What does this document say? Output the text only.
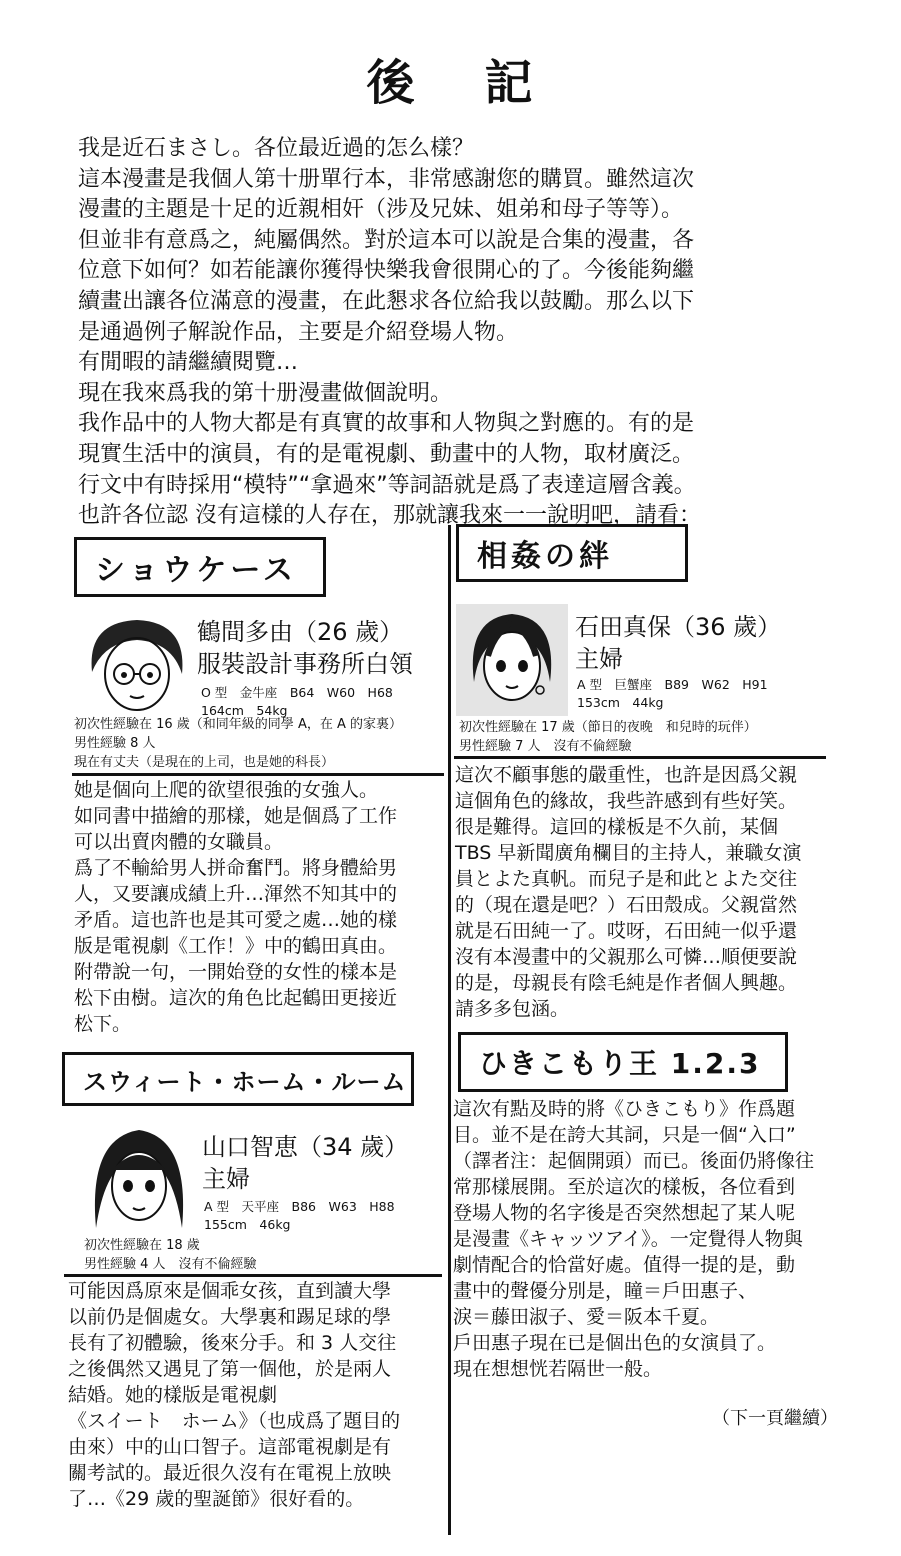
後 記

我是近石まさし。各位最近過的怎么樣？

這本漫畫是我個人第十册單行本，非常感謝您的購買。雖然這次

漫畫的主題是十足的近親相奸（涉及兄妹、姐弟和母子等等）。

但並非有意爲之，純屬偶然。對於這本可以說是合集的漫畫，各

位意下如何？如若能讓你獲得快樂我會很開心的了。今後能夠繼

續畫出讓各位滿意的漫畫，在此懇求各位給我以鼓勵。那么以下

是通過例子解說作品，主要是介紹登場人物。

有閒暇的請繼續閱覽…

現在我來爲我的第十册漫畫做個說明。

我作品中的人物大都是有真實的故事和人物與之對應的。有的是

現實生活中的演員，有的是電視劇、動畫中的人物，取材廣泛。

行文中有時採用“模特”“拿過來”等詞語就是爲了表達這層含義。

也許各位認 沒有這樣的人存在，那就讓我來一一說明吧，請看：

ショウケース
鶴間多由（26 歲）
服裝設計事務所白領
O 型　金牛座　B64　W60　H68
164cm　54kg
初次性經驗在 16 歲（和同年級的同學 A，在 A 的家裏）
男性經驗 8 人
現在有丈夫（是現在的上司，也是她的科長）

她是個向上爬的欲望很強的女強人。

如同書中描繪的那樣，她是個爲了工作

可以出賣肉體的女職員。

爲了不輸給男人拼命奮鬥。將身體給男

人，又要讓成績上升…渾然不知其中的

矛盾。這也許也是其可愛之處…她的樣

版是電視劇《工作！》中的鶴田真由。

附帶說一句，一開始登的女性的樣本是

松下由樹。這次的角色比起鶴田更接近

松下。

相姦の絆
石田真保（36 歲）
主婦
A 型　巨蟹座　B89　W62　H91
153cm　44kg
初次性經驗在 17 歲（節日的夜晚　和兒時的玩伴）
男性經驗 7 人　沒有不倫經驗

這次不顧事態的嚴重性，也許是因爲父親

這個角色的緣故，我些許感到有些好笑。

很是難得。這回的樣板是不久前，某個

TBS 早新聞廣角欄目的主持人，兼職女演

員とよた真帆。而兒子是和此とよた交往

的（現在還是吧？）石田殼成。父親當然

就是石田純一了。哎呀，石田純一似乎還

沒有本漫畫中的父親那么可憐…順便要說

的是，母親長有陰毛純是作者個人興趣。

請多多包涵。

スウィート・ホーム・ルーム
山口智恵（34 歲）
主婦
A 型　天平座　B86　W63　H88
155cm　46kg
初次性經驗在 18 歲
男性經驗 4 人　沒有不倫經驗

可能因爲原來是個乖女孩，直到讀大學

以前仍是個處女。大學裏和踢足球的學

長有了初體驗，後來分手。和 3 人交往

之後偶然又遇見了第一個他，於是兩人

結婚。她的樣版是電視劇

《スイート　ホーム》（也成爲了題目的

由來）中的山口智子。這部電視劇是有

關考試的。最近很久沒有在電視上放映

了…《29 歲的聖誕節》很好看的。

ひきこもり王 1.2.3

這次有點及時的將《ひきこもり》作爲題

目。並不是在誇大其詞，只是一個“入口”

（譯者注：起個開頭）而已。後面仍將像往

常那樣展開。至於這次的樣板，各位看到

登場人物的名字後是否突然想起了某人呢

是漫畫《キャッツアイ》。一定覺得人物與

劇情配合的恰當好處。值得一提的是，動

畫中的聲優分別是，瞳＝戶田惠子、

淚＝藤田淑子、愛＝阪本千夏。

戶田惠子現在已是個出色的女演員了。

現在想想恍若隔世一般。

（下一頁繼續）
